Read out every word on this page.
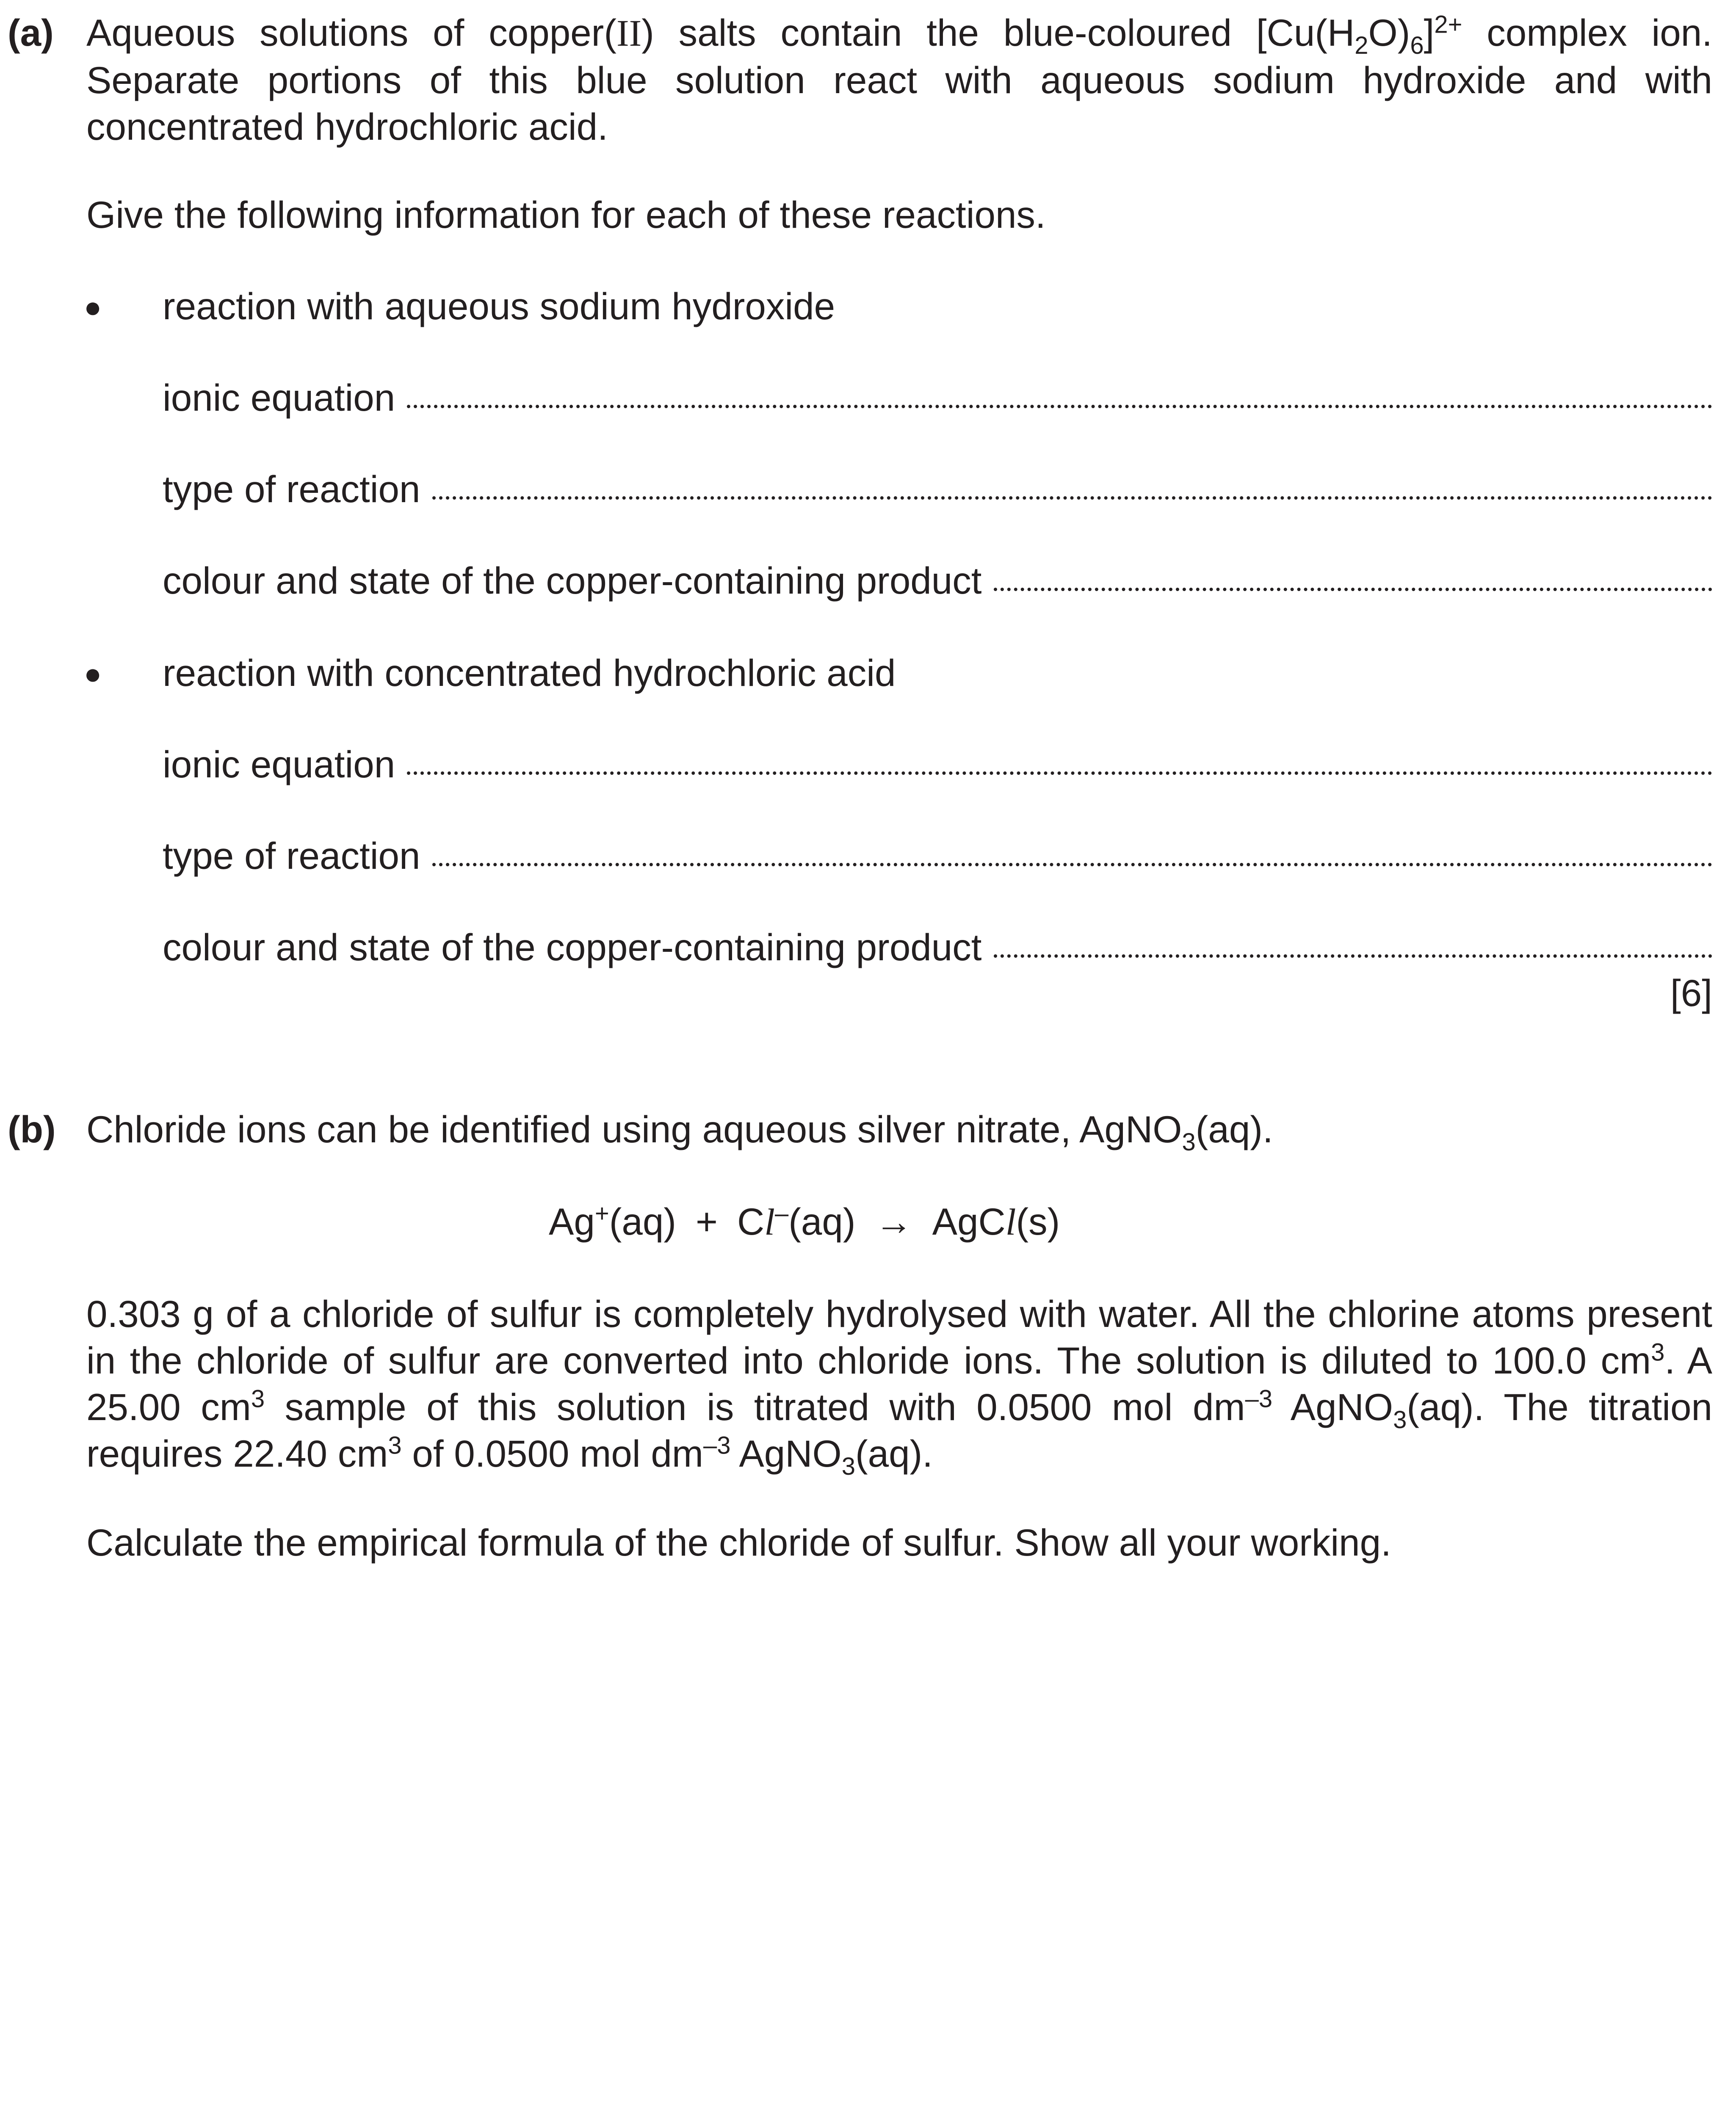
(a) Aqueous solutions of copper(II) salts contain the blue-coloured $[Cu(H_2O)_6]^{2+}$ complex ion. Separate portions of this blue solution react with aqueous sodium hydroxide and with concentrated hydrochloric acid.
Give the following information for each of these reactions.
● reaction with aqueous sodium hydroxide
ionic equation
type of reaction
colour and state of the copper-containing product
● reaction with concentrated hydrochloric acid
ionic equation
type of reaction
colour and state of the copper-containing product
[6]
(b) Chloride ions can be identified using aqueous silver nitrate, AgNO$_3$(aq).
Ag+(aq) + Cl–(aq) → AgCl(s)
0.303 g of a chloride of sulfur is completely hydrolysed with water. All the chlorine atoms present in the chloride of sulfur are converted into chloride ions. The solution is diluted to 100.0 $cm^3$. A 25.00 $cm^3$ sample of this solution is titrated with 0.0500 mol $dm^{-3}$ AgNO$_3$(aq). The titration requires 22.40 $cm^3$ of 0.0500 mol $dm^{-3}$ AgNO$_3$(aq).
Calculate the empirical formula of the chloride of sulfur. Show all your working.
